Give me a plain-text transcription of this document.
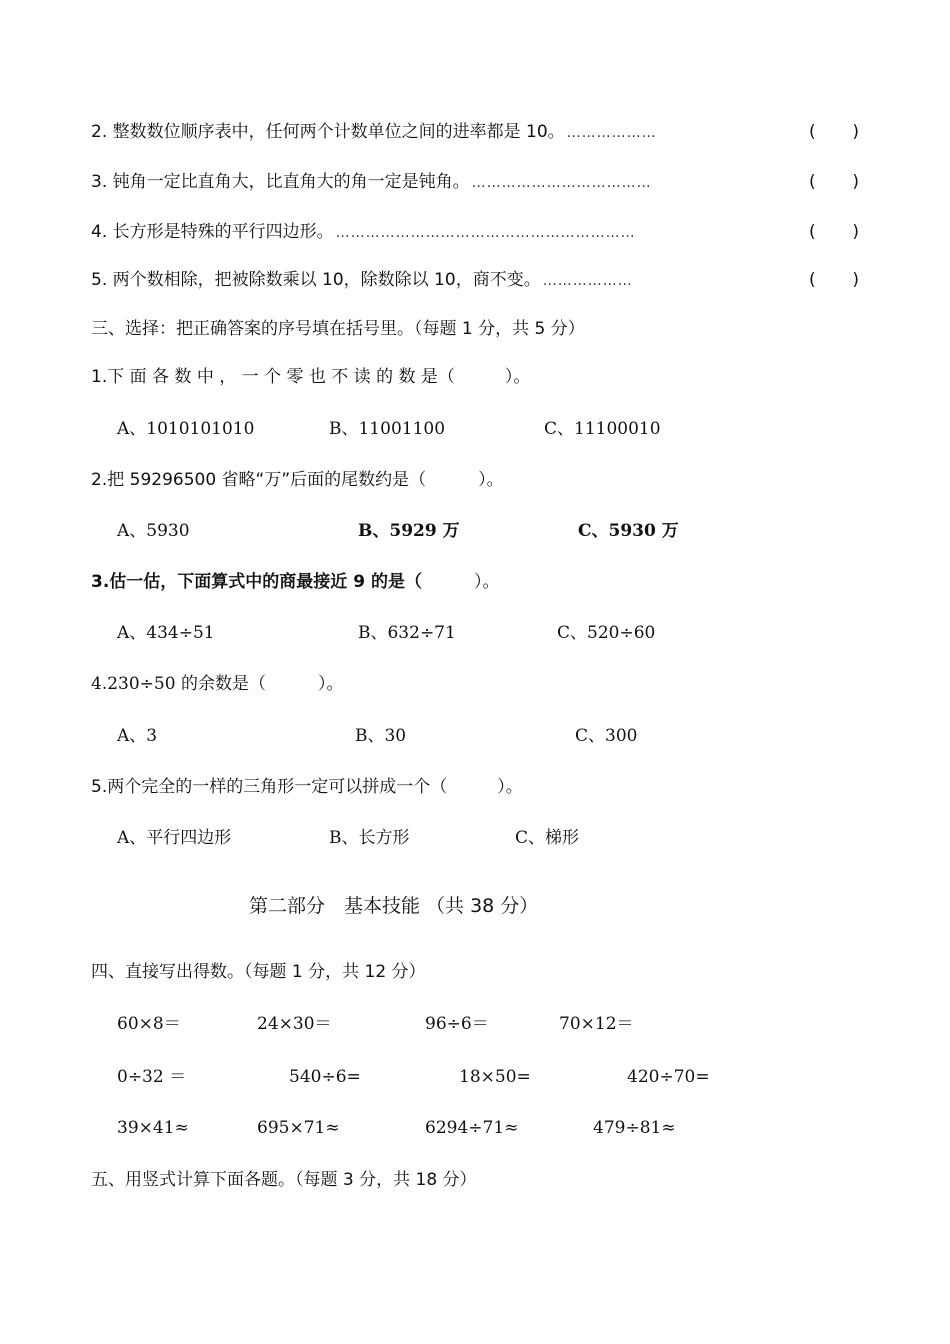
2. 整数数位顺序表中，任何两个计数单位之间的进率都是 10。 ………………	( )
3. 钝角一定比直角大，比直角大的角一定是钝角。 ………………………………	( )
4. 长方形是特殊的平行四边形。 ……………………………………………………	( )
5. 两个数相除，把被除数乘以 10，除数除以 10，商不变。 ………………	( )
三、选择：把正确答案的序号填在括号里。（每题 1 分，共 5 分）
1.下 面 各 数 中 ， 一 个 零 也 不 读 的 数 是（	）。
A、1010101010	B、11001100	C、11100010
2.把 59296500 省略“万”后面的尾数约是（	）。
A、5930	B、5929 万	C、5930 万
3.估一估，下面算式中的商最接近 9 的是（	）。
A、434÷51	B、632÷71	C、520÷60
4.230÷50 的余数是（	）。
A、3	B、30	C、300
5.两个完全的一样的三角形一定可以拼成一个（	）。
A、平行四边形	B、长方形	C、梯形
第二部分　基本技能 （共 38 分）
四、直接写出得数。（每题 1 分，共 12 分）
60×8＝	24×30＝	96÷6＝	70×12＝
0÷32 ＝	540÷6=	18×50=	420÷70=
39×41≈	695×71≈	6294÷71≈	479÷81≈
五、用竖式计算下面各题。（每题 3 分，共 18 分）
